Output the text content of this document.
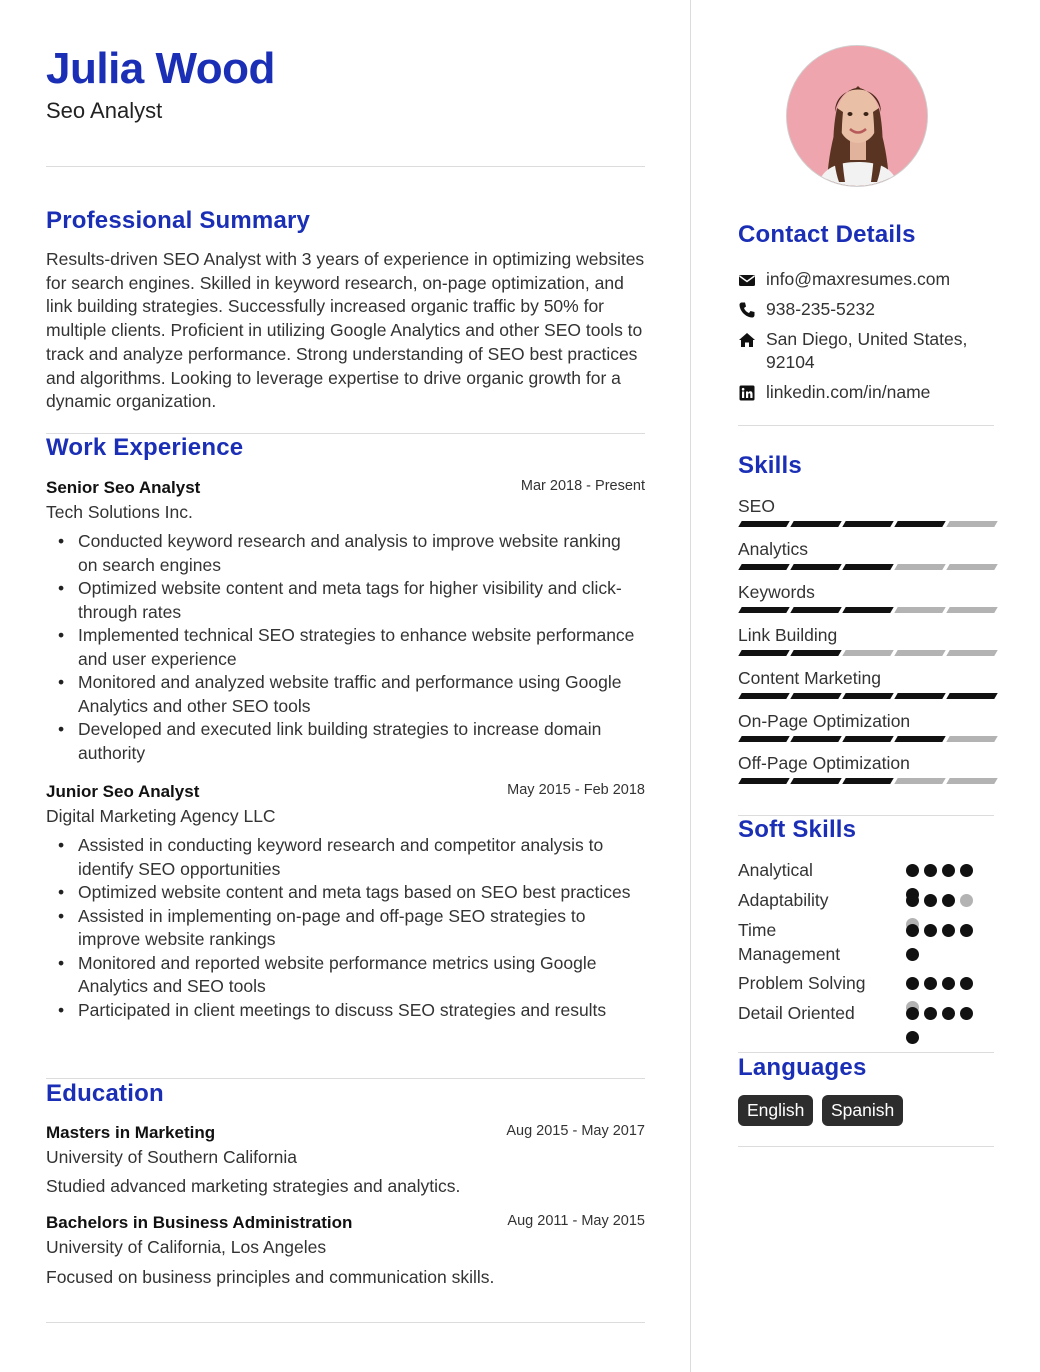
Julia Wood
Seo Analyst
Professional Summary
Results-driven SEO Analyst with 3 years of experience in optimizing websites for search engines. Skilled in keyword research, on-page optimization, and link building strategies. Successfully increased organic traffic by 50% for multiple clients. Proficient in utilizing Google Analytics and other SEO tools to track and analyze performance. Strong understanding of SEO best practices and algorithms. Looking to leverage expertise to drive organic growth for a dynamic organization.
Work Experience
Senior Seo Analyst	Mar 2018 - Present
Tech Solutions Inc.
• Conducted keyword research and analysis to improve website ranking on search engines
• Optimized website content and meta tags for higher visibility and click-through rates
• Implemented technical SEO strategies to enhance website performance and user experience
• Monitored and analyzed website traffic and performance using Google Analytics and other SEO tools
• Developed and executed link building strategies to increase domain authority
Junior Seo Analyst	May 2015 - Feb 2018
Digital Marketing Agency LLC
• Assisted in conducting keyword research and competitor analysis to identify SEO opportunities
• Optimized website content and meta tags based on SEO best practices
• Assisted in implementing on-page and off-page SEO strategies to improve website rankings
• Monitored and reported website performance metrics using Google Analytics and SEO tools
• Participated in client meetings to discuss SEO strategies and results
Education
Masters in Marketing	Aug 2015 - May 2017
University of Southern California
Studied advanced marketing strategies and analytics.
Bachelors in Business Administration	Aug 2011 - May 2015
University of California, Los Angeles
Focused on business principles and communication skills.
Contact Details
info@maxresumes.com
938-235-5232
San Diego, United States, 92104
linkedin.com/in/name
Skills
SEO
Analytics
Keywords
Link Building
Content Marketing
On-Page Optimization
Off-Page Optimization
Soft Skills
Analytical
Adaptability
Time Management
Problem Solving
Detail Oriented
Languages
English	Spanish
